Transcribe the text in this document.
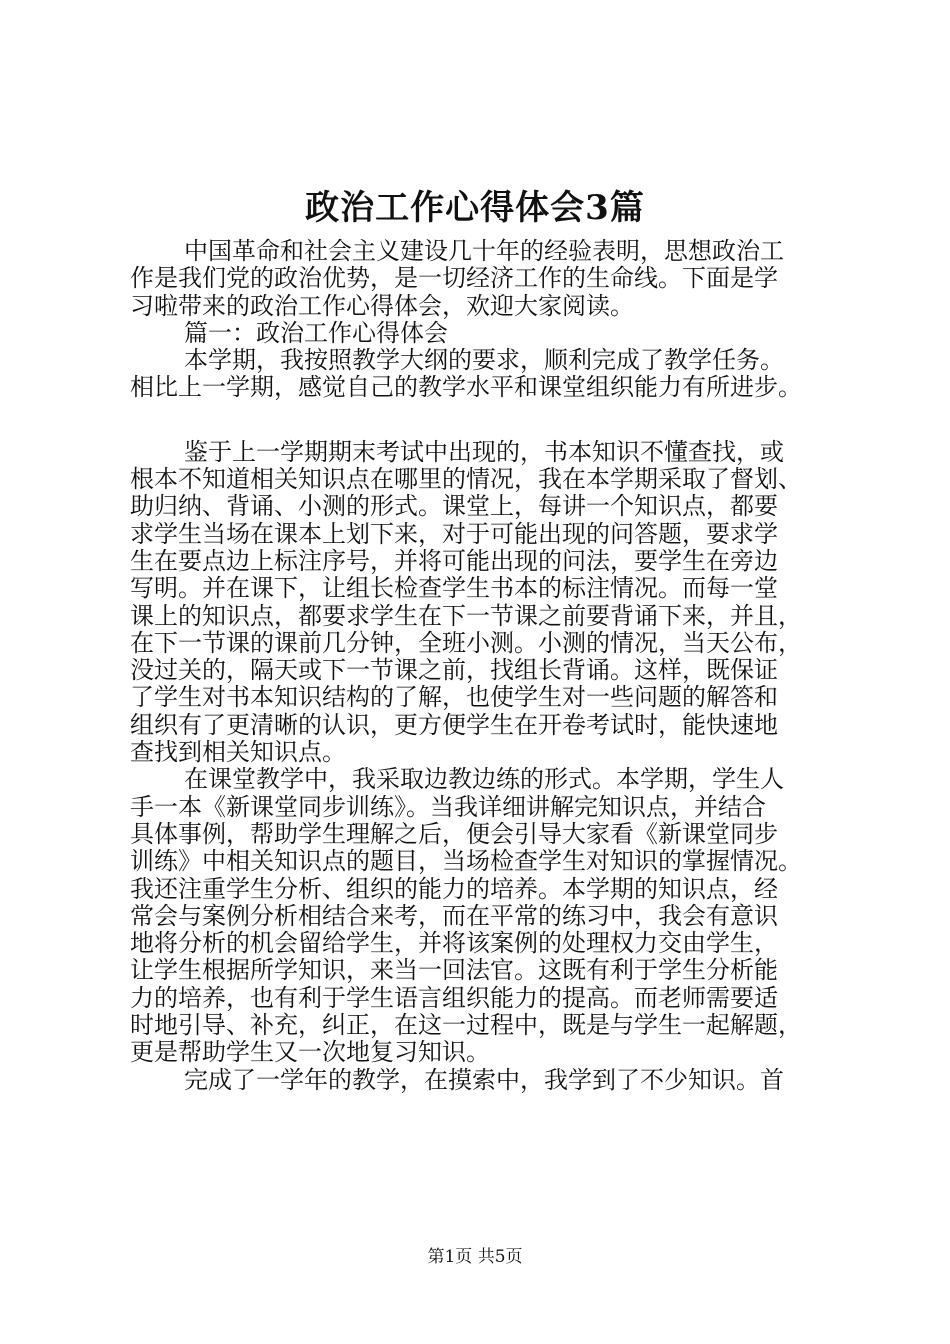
政治工作心得体会3篇
中国革命和社会主义建设几十年的经验表明，思想政治工
作是我们党的政治优势，是一切经济工作的生命线。下面是学
习啦带来的政治工作心得体会，欢迎大家阅读。
篇一：政治工作心得体会
本学期，我按照教学大纲的要求，顺利完成了教学任务。
相比上一学期，感觉自己的教学水平和课堂组织能力有所进步。
鉴于上一学期期末考试中出现的，书本知识不懂查找，或
根本不知道相关知识点在哪里的情况，我在本学期采取了督划、
助归纳、背诵、小测的形式。课堂上，每讲一个知识点，都要
求学生当场在课本上划下来，对于可能出现的问答题，要求学
生在要点边上标注序号，并将可能出现的问法，要学生在旁边
写明。并在课下，让组长检查学生书本的标注情况。而每一堂
课上的知识点，都要求学生在下一节课之前要背诵下来，并且，
在下一节课的课前几分钟，全班小测。小测的情况，当天公布，
没过关的，隔天或下一节课之前，找组长背诵。这样，既保证
了学生对书本知识结构的了解，也使学生对一些问题的解答和
组织有了更清晰的认识，更方便学生在开卷考试时，能快速地
查找到相关知识点。
在课堂教学中，我采取边教边练的形式。本学期，学生人
手一本《新课堂同步训练》。当我详细讲解完知识点，并结合
具体事例，帮助学生理解之后，便会引导大家看《新课堂同步
训练》中相关知识点的题目，当场检查学生对知识的掌握情况。
我还注重学生分析、组织的能力的培养。本学期的知识点，经
常会与案例分析相结合来考，而在平常的练习中，我会有意识
地将分析的机会留给学生，并将该案例的处理权力交由学生，
让学生根据所学知识，来当一回法官。这既有利于学生分析能
力的培养，也有利于学生语言组织能力的提高。而老师需要适
时地引导、补充，纠正，在这一过程中，既是与学生一起解题，
更是帮助学生又一次地复习知识。
完成了一学年的教学，在摸索中，我学到了不少知识。首
第1页 共5页
